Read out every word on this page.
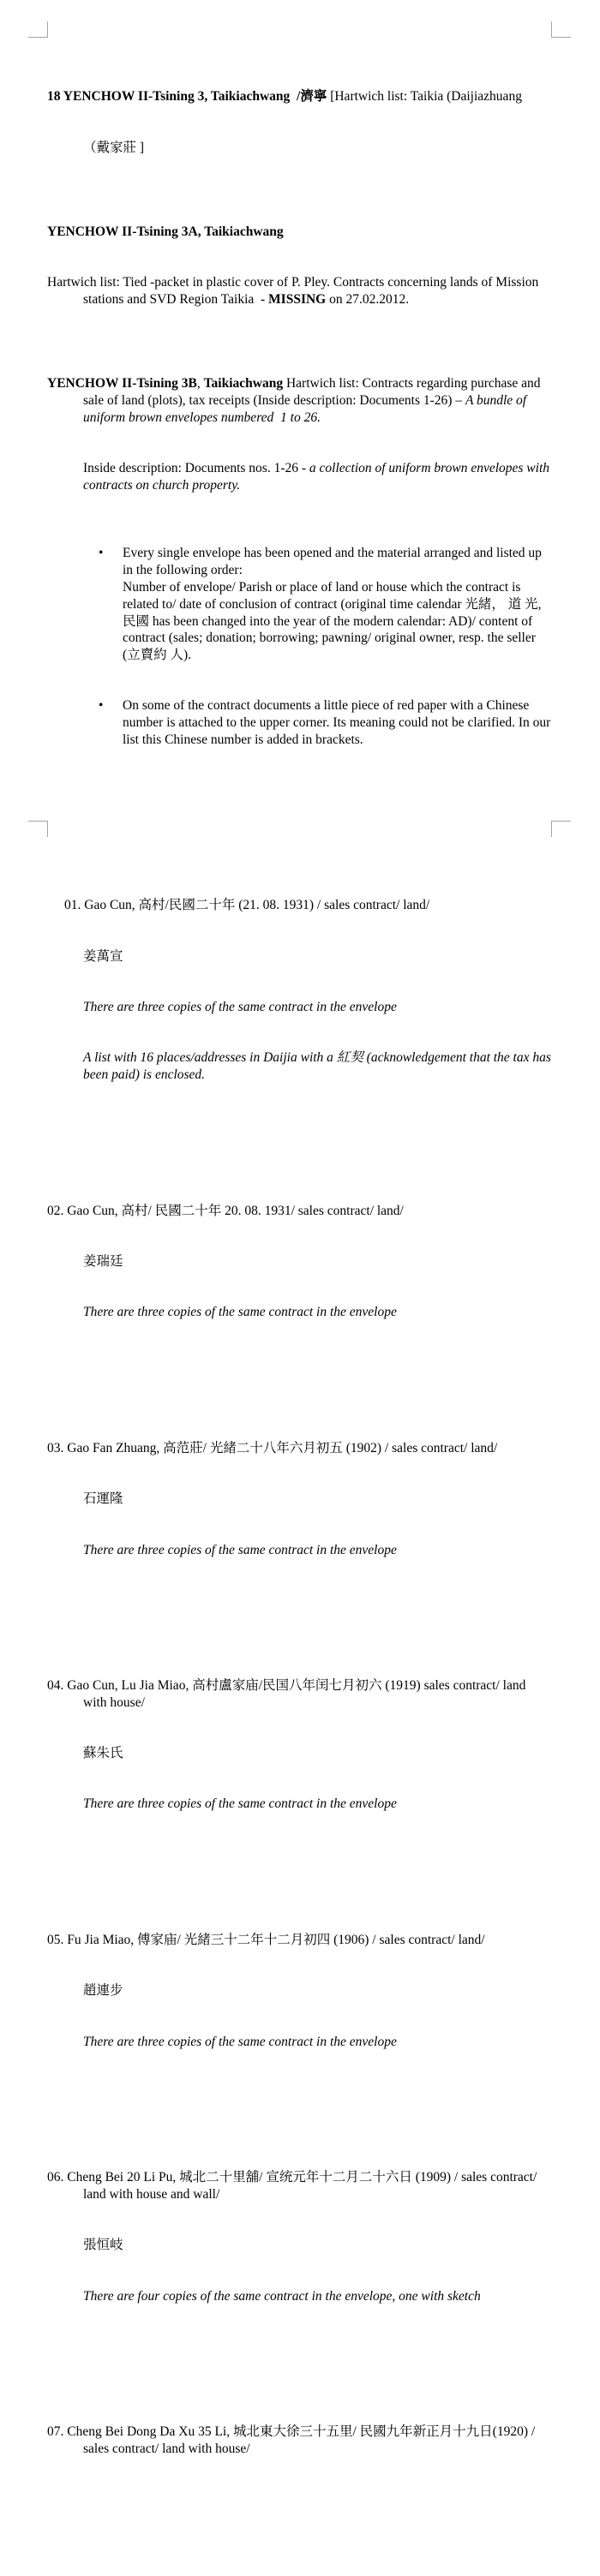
18 YENCHOW II-Tsining 3, Taikiachwang  /濟寧 [Hartwich list: Taikia (Daijiazhuang

（戴家莊 ]

YENCHOW II-Tsining 3A, Taikiachwang

Hartwich list: Tied -packet in plastic cover of P. Pley. Contracts concerning lands of Mission stations and SVD Region Taikia  - MISSING on 27.02.2012.

YENCHOW II-Tsining 3B, Taikiachwang Hartwich list: Contracts regarding purchase and sale of land (plots), tax receipts (Inside description: Documents 1-26) – A bundle of uniform brown envelopes numbered  1 to 26.

Inside description: Documents nos. 1-26 - a collection of uniform brown envelopes with contracts on church property.

• Every single envelope has been opened and the material arranged and listed up in the following order:
Number of envelope/ Parish or place of land or house which the contract is related to/ date of conclusion of contract (original time calendar 光緒， 道 光, 民國 has been changed into the year of the modern calendar: AD)/ content of contract (sales; donation; borrowing; pawning/ original owner, resp. the seller (立賣約 人).

• On some of the contract documents a little piece of red paper with a Chinese number is attached to the upper corner. Its meaning could not be clarified. In our list this Chinese number is added in brackets.

01. Gao Cun, 高村/民國二十年 (21. 08. 1931) / sales contract/ land/

姜萬宣

There are three copies of the same contract in the envelope

A list with 16 places/addresses in Daijia with a 紅契 (acknowledgement that the tax has been paid) is enclosed.

02. Gao Cun, 高村/ 民國二十年 20. 08. 1931/ sales contract/ land/

姜瑞廷

There are three copies of the same contract in the envelope

03. Gao Fan Zhuang, 高范莊/ 光緒二十八年六月初五 (1902) / sales contract/ land/

石運隆

There are three copies of the same contract in the envelope

04. Gao Cun, Lu Jia Miao, 高村盧家庙/民国八年闰七月初六 (1919) sales contract/ land with house/

蘇朱氏

There are three copies of the same contract in the envelope

05. Fu Jia Miao, 傅家庙/ 光緒三十二年十二月初四 (1906) / sales contract/ land/

趙連步

There are three copies of the same contract in the envelope

06. Cheng Bei 20 Li Pu, 城北二十里舖/ 宣统元年十二月二十六日 (1909) / sales contract/ land with house and wall/

張恒岐

There are four copies of the same contract in the envelope, one with sketch

07. Cheng Bei Dong Da Xu 35 Li, 城北東大徐三十五里/ 民國九年新正月十九日(1920) / sales contract/ land with house/
